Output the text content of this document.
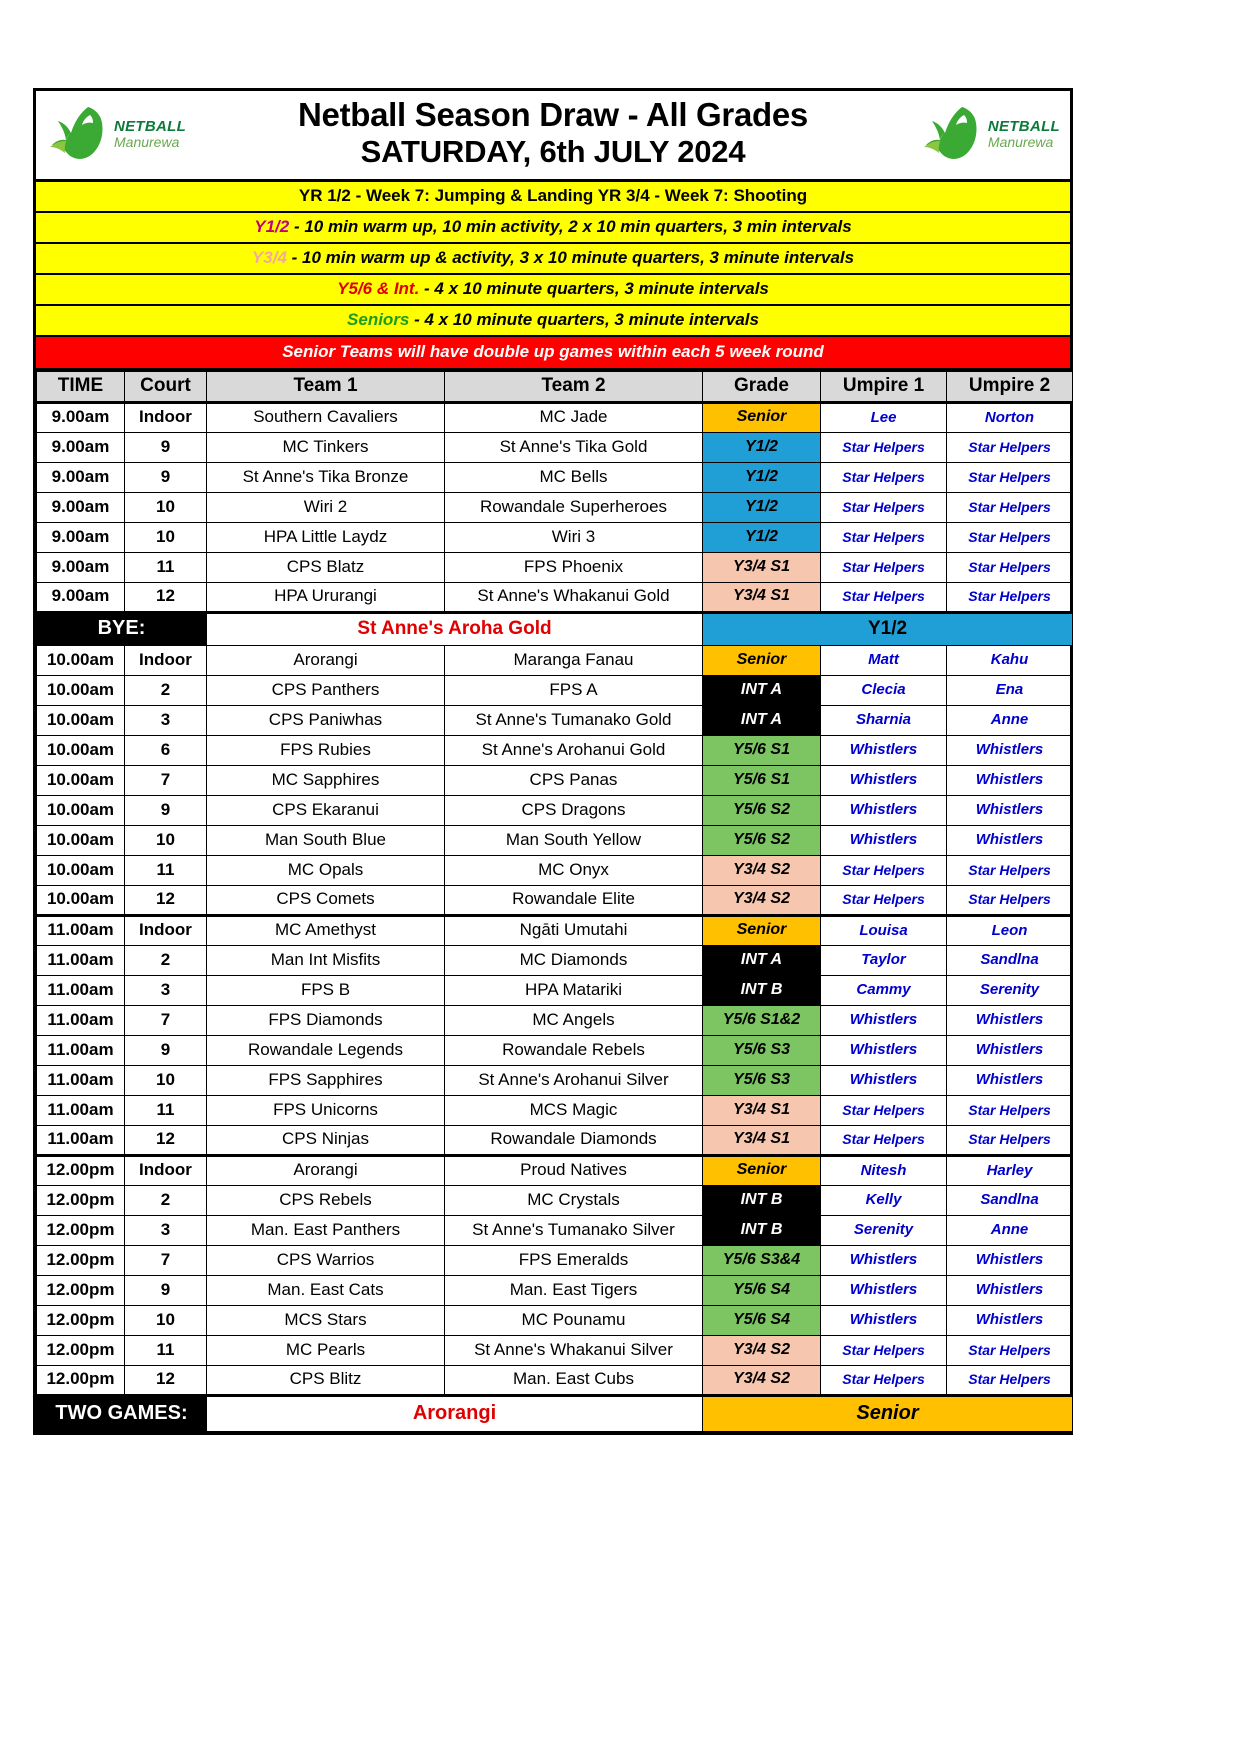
NETBALL
Manurewa
Netball Season Draw - All Grades
SATURDAY, 6th JULY 2024
NETBALL
Manurewa
YR 1/2 - Week 7: Jumping & Landing YR 3/4 - Week 7: Shooting
Y1/2 - 10 min warm up, 10 min activity, 2 x 10 min quarters, 3 min intervals
Y3/4 - 10 min warm up & activity, 3 x 10 minute quarters, 3 minute intervals
Y5/6 & Int. - 4 x 10 minute quarters, 3 minute intervals
Seniors - 4 x 10 minute quarters, 3 minute intervals
Senior Teams will have double up games within each 5 week round
TIME	Court	Team 1	Team 2	Grade	Umpire 1	Umpire 2
9.00am	Indoor	Southern Cavaliers	MC Jade	Senior	Lee	Norton
9.00am	9	MC Tinkers	St Anne's Tika Gold	Y1/2	Star Helpers	Star Helpers
9.00am	9	St Anne's Tika Bronze	MC Bells	Y1/2	Star Helpers	Star Helpers
9.00am	10	Wiri 2	Rowandale Superheroes	Y1/2	Star Helpers	Star Helpers
9.00am	10	HPA Little Laydz	Wiri 3	Y1/2	Star Helpers	Star Helpers
9.00am	11	CPS Blatz	FPS Phoenix	Y3/4 S1	Star Helpers	Star Helpers
9.00am	12	HPA Ururangi	St Anne's Whakanui Gold	Y3/4 S1	Star Helpers	Star Helpers
BYE:		St Anne's Aroha Gold		Y1/2		
10.00am	Indoor	Arorangi	Maranga Fanau	Senior	Matt	Kahu
10.00am	2	CPS Panthers	FPS A	INT A	Clecia	Ena
10.00am	3	CPS Paniwhas	St Anne's Tumanako Gold	INT A	Sharnia	Anne
10.00am	6	FPS Rubies	St Anne's Arohanui Gold	Y5/6 S1	Whistlers	Whistlers
10.00am	7	MC Sapphires	CPS Panas	Y5/6 S1	Whistlers	Whistlers
10.00am	9	CPS Ekaranui	CPS Dragons	Y5/6 S2	Whistlers	Whistlers
10.00am	10	Man South Blue	Man South Yellow	Y5/6 S2	Whistlers	Whistlers
10.00am	11	MC Opals	MC Onyx	Y3/4 S2	Star Helpers	Star Helpers
10.00am	12	CPS Comets	Rowandale Elite	Y3/4 S2	Star Helpers	Star Helpers
11.00am	Indoor	MC Amethyst	Ngāti Umutahi	Senior	Louisa	Leon
11.00am	2	Man Int Misfits	MC Diamonds	INT A	Taylor	Sandlna
11.00am	3	FPS B	HPA Matariki	INT B	Cammy	Serenity
11.00am	7	FPS Diamonds	MC Angels	Y5/6 S1&2	Whistlers	Whistlers
11.00am	9	Rowandale Legends	Rowandale Rebels	Y5/6 S3	Whistlers	Whistlers
11.00am	10	FPS Sapphires	St Anne's Arohanui Silver	Y5/6 S3	Whistlers	Whistlers
11.00am	11	FPS Unicorns	MCS Magic	Y3/4 S1	Star Helpers	Star Helpers
11.00am	12	CPS Ninjas	Rowandale Diamonds	Y3/4 S1	Star Helpers	Star Helpers
12.00pm	Indoor	Arorangi	Proud Natives	Senior	Nitesh	Harley
12.00pm	2	CPS Rebels	MC Crystals	INT B	Kelly	Sandlna
12.00pm	3	Man. East Panthers	St Anne's Tumanako Silver	INT B	Serenity	Anne
12.00pm	7	CPS Warrios	FPS Emeralds	Y5/6 S3&4	Whistlers	Whistlers
12.00pm	9	Man. East Cats	Man. East Tigers	Y5/6 S4	Whistlers	Whistlers
12.00pm	10	MCS Stars	MC Pounamu	Y5/6 S4	Whistlers	Whistlers
12.00pm	11	MC Pearls	St Anne's Whakanui Silver	Y3/4 S2	Star Helpers	Star Helpers
12.00pm	12	CPS Blitz	Man. East Cubs	Y3/4 S2	Star Helpers	Star Helpers
TWO GAMES:		Arorangi		Senior		
